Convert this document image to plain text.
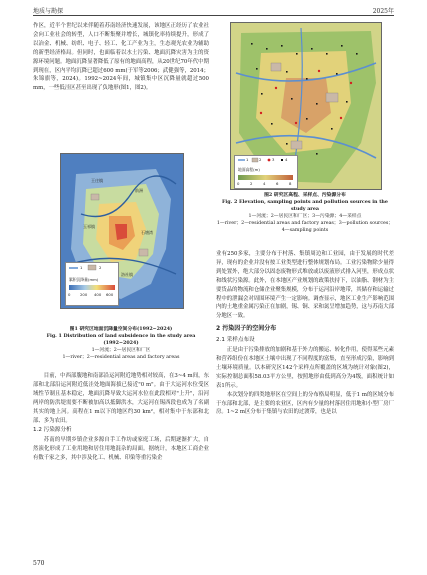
地质与勘探	2025年

作区，近半个世纪以来伴随着苏南经济快速发展，该地区正经历了农业社会向工业社会的转型，人口不断集聚并增长，城镇化率持续提升，形成了以冶金、机械、纺织、电子、轻工、化工产业为主，生态观光农业为辅助的新型经济格局。但同时，也面临着以水土污染、地面沉降灾害为主的资源环境问题。地面沉降显著降低了原有的地面高程，从20世纪70年代中期到现在，区内平均沉降已超过600 mm(于军等2006；武健强等，2014；朱锦旗等，2024)。1992~2024年间，城镇集中区沉降量就超过500 mm，一些低洼区甚至出现了负地形(图1，图2)。

王庄镇
前洲
洛社镇
玉祁镇
石塘湾
1	2
累积沉降量(mm)
0	200 400 600
图1 研究区地面沉降量空间分布(1992~2024)
Fig. 1 Distribution of land subsidence in the study area (1992~2024)
1—河流；2—居民区和厂区
1—river；2—residential areas and factory areas

目前，中西部腹地和南部沿运河附近地势相对较高，在3~4 m间，东部和北部沿运河附近低洼处地面海拔已接近"0 m"。由于大运河水位受区域性节制且基本稳定，地面沉降导致大运河水位在此段相对"上升"，沿河两岸的防洪堤需要不断被加高以抵御洪水，大运河在锡西段也成为了名副其实的地上河。高程在1 m以下的地区约30 km²，相对集中于东部和北部、多为农田。

1.2 污染源分析

苏南的早期乡镇企业多源自手工作坊或家庭工场，后期逐渐扩大，自然演化形成了工业用地和居住用地混杂的局面。据统计，本地区工商企业有数千家之多，其中涉及化工、机械、印染等重污染企

570
1	2	3	4
地面高程(m)
0	2	4	6	8
图2 研究区高程、采样点、污染源分布
Fig. 2 Elevation, sampling points and pollution sources in the study area
1—河流；2—居民区和厂区；3—污染源；4—采样点
1—river；2—residential areas and factory areas；3—pollution sources；4—sampling points

业有250多家，主要分布于村落、集镇周边和工业园，由于发展的时代差异，现有的企业并没有按工业类型进行整体规划布局。工业污染物除少量得到处置外，绝大部分以固态废物形式堆放或以废液形式排入河里，形成点状和线状污染源。此外，在本地区产业规划的政策扶持下，以油脂、钢材为主要货品的物流和仓储企业聚集规模，分布于运河沿岸地带，其储存和运输过程中的泄漏会对周围环境产生一定影响。调查显示，地区工业生产影响范围内的土地重金属污染正在加剧，锡、铜、采和氮呈增加趋势，这与苏南大部分地区一致。

2 污染因子的空间分布
2.1 采样点布设

正是由于污染排放的加剧和基于外力的搬运、转化作用，使得某些元素和营养组份在本地区土壤中出现了不同程度的富集，直至形成污染，影响到土壤环境质量。以本研究区142个采样点所覆盖的区域为统计对象(图2)，实际控制总面积58.03平方公里，按照地形由低到高分为4级，面积统计如表1所示。

本次划分的四类地形区在空间上的分布格局明显，低于1 m的区域分布于东部和北部，是主要的农业区，区内有少量的村落居住用地和小型厂房厂房。1~2 m区分布于集镇与农田的过渡带，也是以
